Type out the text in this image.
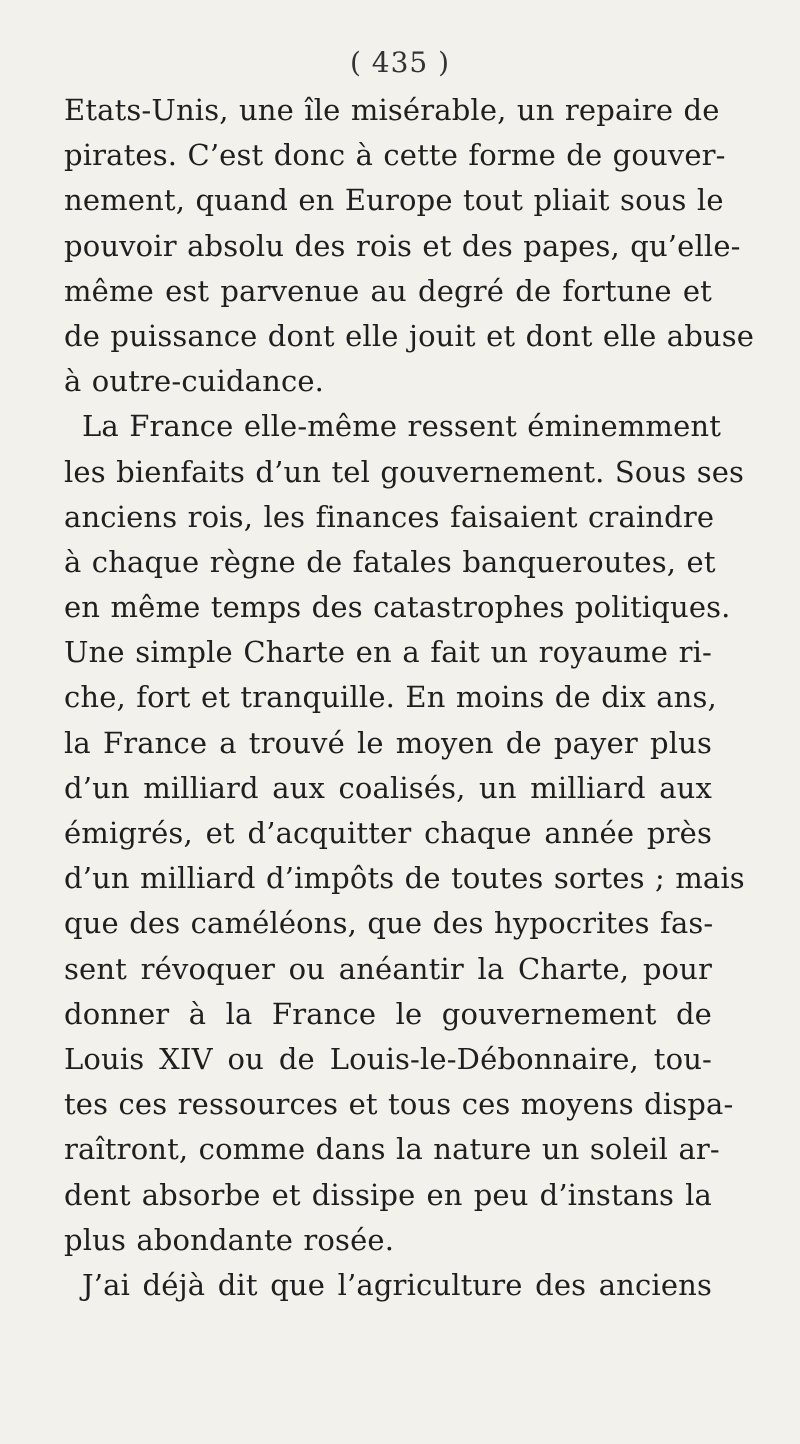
( 435 )
Etats-Unis, une île misérable, un repaire de
pirates. C’est donc à cette forme de gouver-
nement, quand en Europe tout pliait sous le
pouvoir absolu des rois et des papes, qu’elle-
même est parvenue au degré de fortune et
de puissance dont elle jouit et dont elle abuse
à outre-cuidance.
La France elle-même ressent éminemment
les bienfaits d’un tel gouvernement. Sous ses
anciens rois, les finances faisaient craindre
à chaque règne de fatales banqueroutes, et
en même temps des catastrophes politiques.
Une simple Charte en a fait un royaume ri-
che, fort et tranquille. En moins de dix ans,
la France a trouvé le moyen de payer plus
d’un milliard aux coalisés, un milliard aux
émigrés, et d’acquitter chaque année près
d’un milliard d’impôts de toutes sortes ; mais
que des caméléons, que des hypocrites fas-
sent révoquer ou anéantir la Charte, pour
donner à la France le gouvernement de
Louis XIV ou de Louis-le-Débonnaire, tou-
tes ces ressources et tous ces moyens dispa-
raîtront, comme dans la nature un soleil ar-
dent absorbe et dissipe en peu d’instans la
plus abondante rosée.
J’ai déjà dit que l’agriculture des anciens
